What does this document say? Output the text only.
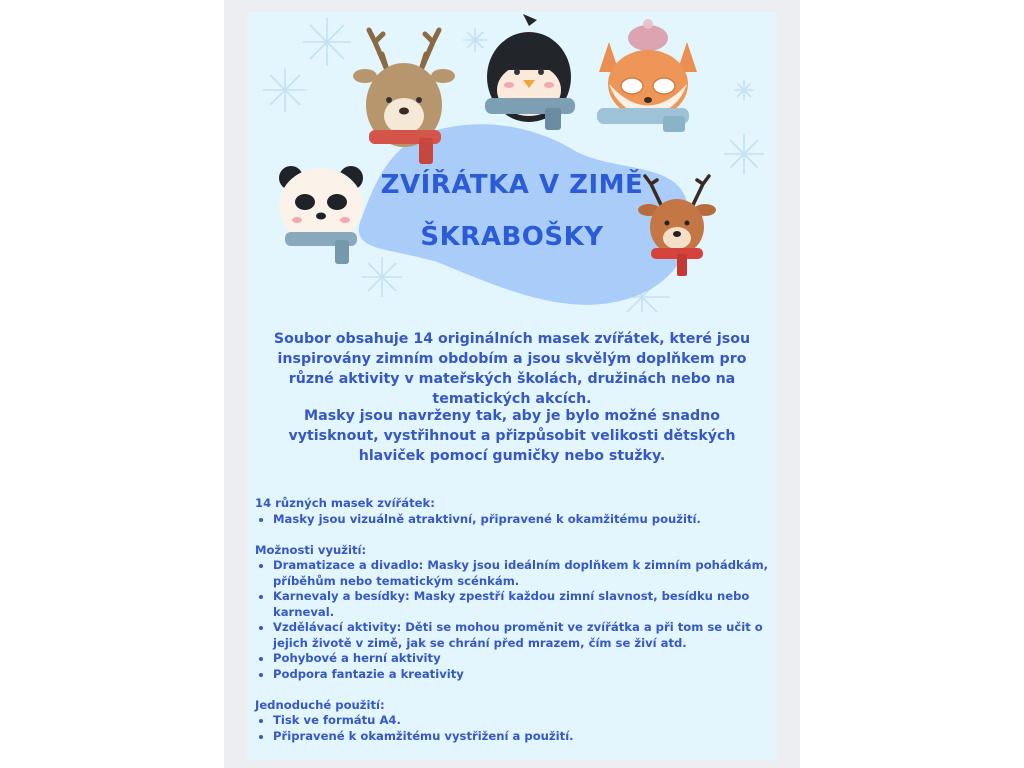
ZVÍŘÁTKA V ZIMĚ
ŠKRABOŠKY

Soubor obsahuje 14 originálních masek zvířátek, které jsou inspirovány zimním obdobím a jsou skvělým doplňkem pro různé aktivity v mateřských školách, družinách nebo na tematických akcích.

Masky jsou navrženy tak, aby je bylo možné snadno vytisknout, vystřihnout a přizpůsobit velikosti dětských hlaviček pomocí gumičky nebo stužky.

14 různých masek zvířátek:

• Masky jsou vizuálně atraktivní, připravené k okamžitému použití.

Možnosti využití:

• Dramatizace a divadlo: Masky jsou ideálním doplňkem k zimním pohádkám, příběhům nebo tematickým scénkám.
• Karnevaly a besídky: Masky zpestří každou zimní slavnost, besídku nebo karneval.
• Vzdělávací aktivity: Děti se mohou proměnit ve zvířátka a při tom se učit o jejich životě v zimě, jak se chrání před mrazem, čím se živí atd.
• Pohybové a herní aktivity
• Podpora fantazie a kreativity

Jednoduché použití:

• Tisk ve formátu A4.
• Připravené k okamžitému vystřižení a použití.
